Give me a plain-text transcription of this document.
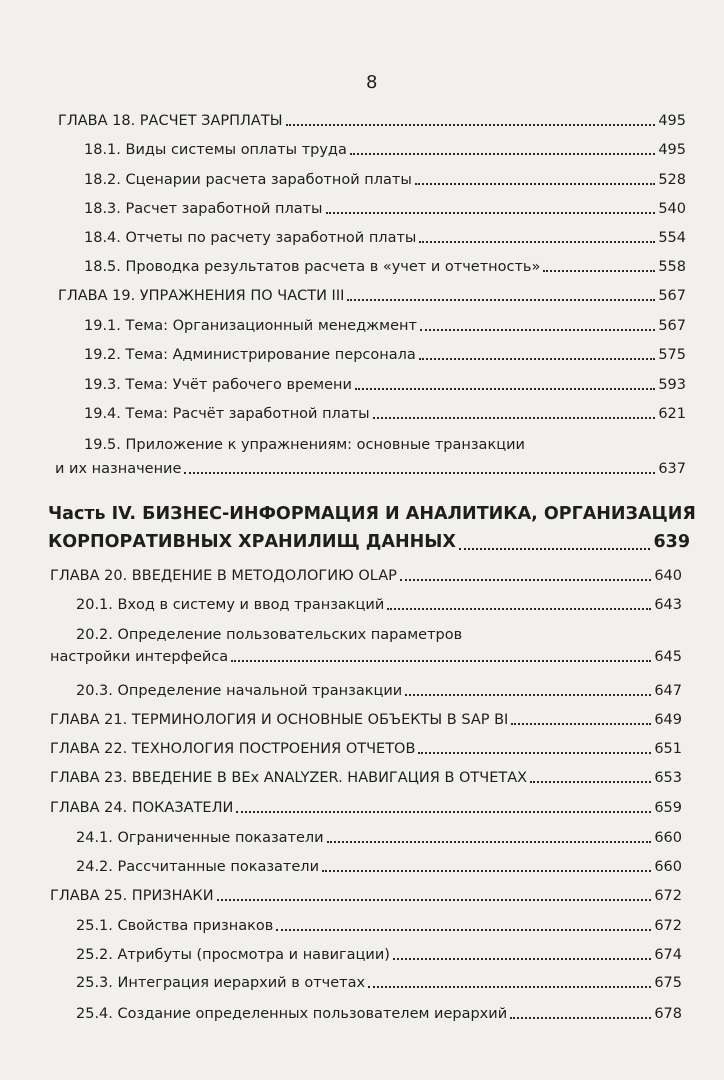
8
ГЛАВА 18. РАСЧЕТ ЗАРПЛАТЫ	495
18.1. Виды системы оплаты труда	495
18.2. Сценарии расчета заработной платы	528
18.3. Расчет заработной платы	540
18.4. Отчеты по расчету заработной платы	554
18.5. Проводка результатов расчета в «учет и отчетность»	558
ГЛАВА 19. УПРАЖНЕНИЯ ПО ЧАСТИ III	567
19.1. Тема: Организационный менеджмент	567
19.2. Тема: Администрирование персонала	575
19.3. Тема: Учёт рабочего времени	593
19.4. Тема: Расчёт заработной платы	621
19.5. Приложение к упражнениям: основные транзакции
и их назначение	637
Часть IV. БИЗНЕС-ИНФОРМАЦИЯ И АНАЛИТИКА, ОРГАНИЗАЦИЯ
КОРПОРАТИВНЫХ ХРАНИЛИЩ ДАННЫХ	639
ГЛАВА 20. ВВЕДЕНИЕ В МЕТОДОЛОГИЮ OLAP	640
20.1. Вход в систему и ввод транзакций	643
20.2. Определение пользовательских параметров
настройки интерфейса	645
20.3. Определение начальной транзакции	647
ГЛАВА 21. ТЕРМИНОЛОГИЯ И ОСНОВНЫЕ ОБЪЕКТЫ В SAP BI	649
ГЛАВА 22. ТЕХНОЛОГИЯ ПОСТРОЕНИЯ ОТЧЕТОВ	651
ГЛАВА 23. ВВЕДЕНИЕ В BEx ANALYZER. НАВИГАЦИЯ В ОТЧЕТАХ	653
ГЛАВА 24. ПОКАЗАТЕЛИ	659
24.1. Ограниченные показатели	660
24.2. Рассчитанные показатели	660
ГЛАВА 25. ПРИЗНАКИ	672
25.1. Свойства признаков	672
25.2. Атрибуты (просмотра и навигации)	674
25.3. Интеграция иерархий в отчетах	675
25.4. Создание определенных пользователем иерархий	678
